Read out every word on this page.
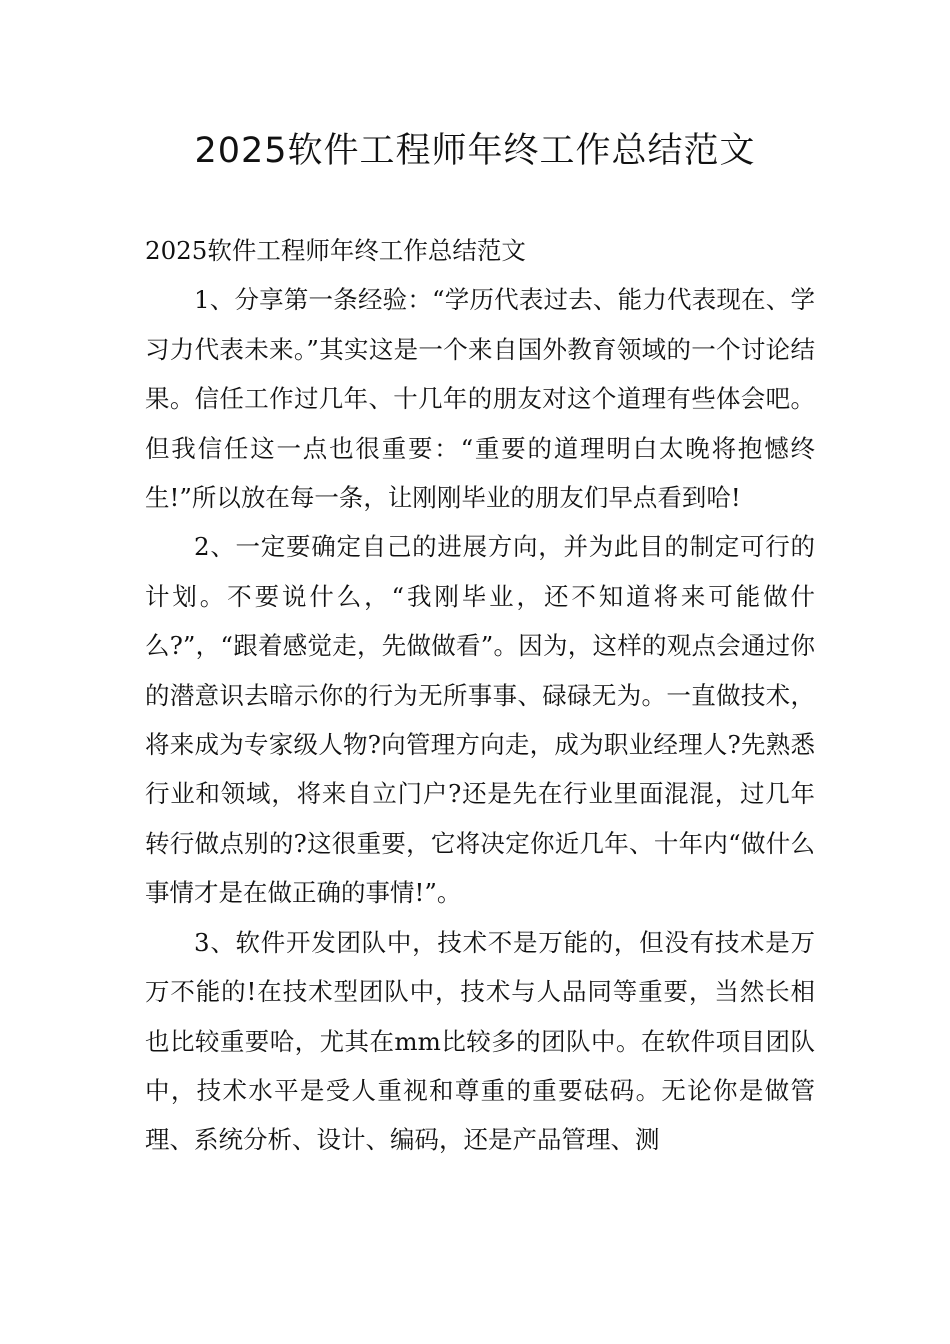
2025软件工程师年终工作总结范文

2025软件工程师年终工作总结范文

1、分享第一条经验：“学历代表过去、能力代表现在、学习力代表未来。”其实这是一个来自国外教育领域的一个讨论结果。信任工作过几年、十几年的朋友对这个道理有些体会吧。但我信任这一点也很重要：“重要的道理明白太晚将抱憾终生!”所以放在每一条，让刚刚毕业的朋友们早点看到哈!

2、一定要确定自己的进展方向，并为此目的制定可行的计划。不要说什么，“我刚毕业，还不知道将来可能做什么?”，“跟着感觉走，先做做看”。因为，这样的观点会通过你的潜意识去暗示你的行为无所事事、碌碌无为。一直做技术，将来成为专家级人物?向管理方向走，成为职业经理人?先熟悉行业和领域，将来自立门户?还是先在行业里面混混，过几年转行做点别的?这很重要，它将决定你近几年、十年内“做什么事情才是在做正确的事情!”。

3、软件开发团队中，技术不是万能的，但没有技术是万万不能的!在技术型团队中，技术与人品同等重要，当然长相也比较重要哈，尤其在mm比较多的团队中。在软件项目团队中，技术水平是受人重视和尊重的重要砝码。无论你是做管理、系统分析、设计、编码，还是产品管理、测
